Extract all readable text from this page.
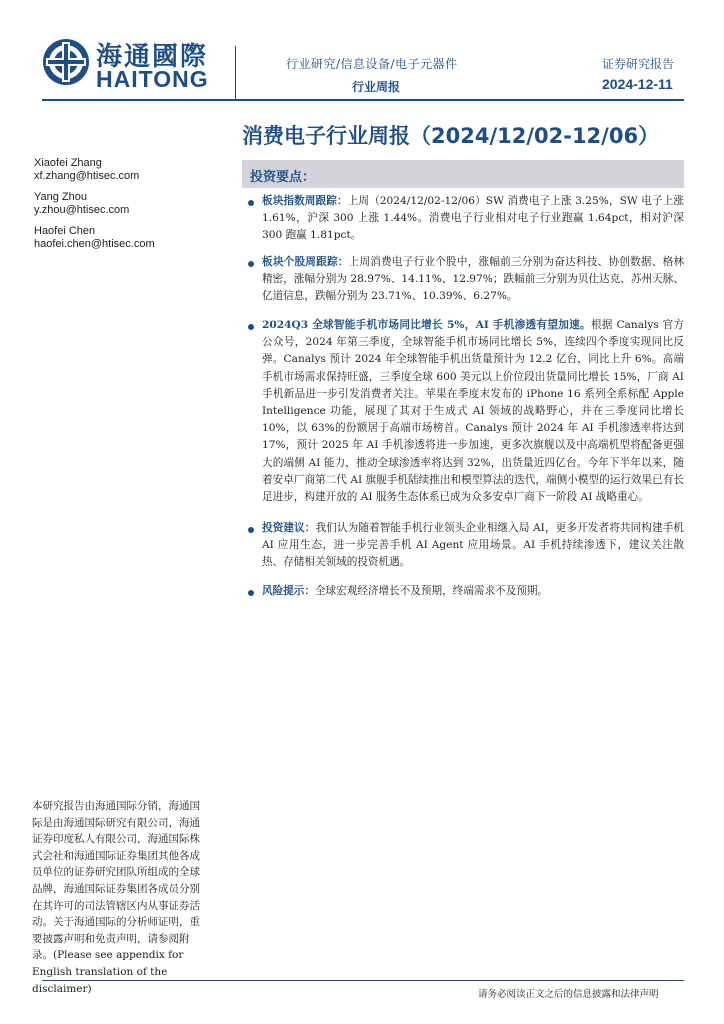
海通國際
HAITONG
行业研究/信息设备/电子元器件
行业周报
证券研究报告
2024-12-11
消费电子行业周报（2024/12/02-12/06）
Xiaofei Zhang
xf.zhang@htisec.com
Yang Zhou
y.zhou@htisec.com
Haofei Chen
haofei.chen@htisec.com
投资要点：
板块指数周跟踪：上周（2024/12/02-12/06）SW 消费电子上涨 3.25%，SW 电子上涨 1.61%，沪深 300 上涨 1.44%。消费电子行业相对电子行业跑赢 1.64pct，相对沪深 300 跑赢 1.81pct。
板块个股周跟踪：上周消费电子行业个股中，涨幅前三分别为奋达科技、协创数据、格林精密，涨幅分别为 28.97%、14.11%、12.97%；跌幅前三分别为贝仕达克、苏州天脉、亿道信息，跌幅分别为 23.71%、10.39%、6.27%。
2024Q3 全球智能手机市场同比增长 5%，AI 手机渗透有望加速。根据 Canalys 官方公众号，2024 年第三季度，全球智能手机市场同比增长 5%，连续四个季度实现同比反弹。Canalys 预计 2024 年全球智能手机出货量预计为 12.2 亿台，同比上升 6%。高端手机市场需求保持旺盛，三季度全球 600 美元以上价位段出货量同比增长 15%，厂商 AI 手机新品进一步引发消费者关注。苹果在季度末发布的 iPhone 16 系列全系标配 Apple Intelligence 功能，展现了其对于生成式 AI 领域的战略野心，并在三季度同比增长 10%，以 63%的份额居于高端市场榜首。Canalys 预计 2024 年 AI 手机渗透率将达到 17%，预计 2025 年 AI 手机渗透将进一步加速，更多次旗舰以及中高端机型将配备更强大的端侧 AI 能力，推动全球渗透率将达到 32%，出货量近四亿台。今年下半年以来，随着安卓厂商第二代 AI 旗舰手机陆续推出和模型算法的迭代，端侧小模型的运行效果已有长足进步，构建开放的 AI 服务生态体系已成为众多安卓厂商下一阶段 AI 战略重心。
投资建议：我们认为随着智能手机行业领头企业相继入局 AI，更多开发者将共同构建手机 AI 应用生态，进一步完善手机 AI Agent 应用场景。AI 手机持续渗透下，建议关注散热、存储相关领域的投资机遇。
风险提示：全球宏观经济增长不及预期，终端需求不及预期。
本研究报告由海通国际分销，海通国际是由海通国际研究有限公司，海通证券印度私人有限公司，海通国际株式会社和海通国际证券集团其他各成员单位的证券研究团队所组成的全球品牌，海通国际证券集团各成员分别在其许可的司法管辖区内从事证券活动。关于海通国际的分析师证明，重要披露声明和免责声明，请参阅附录。(Please see appendix for English translation of the disclaimer)	请务必阅读正文之后的信息披露和法律声明
